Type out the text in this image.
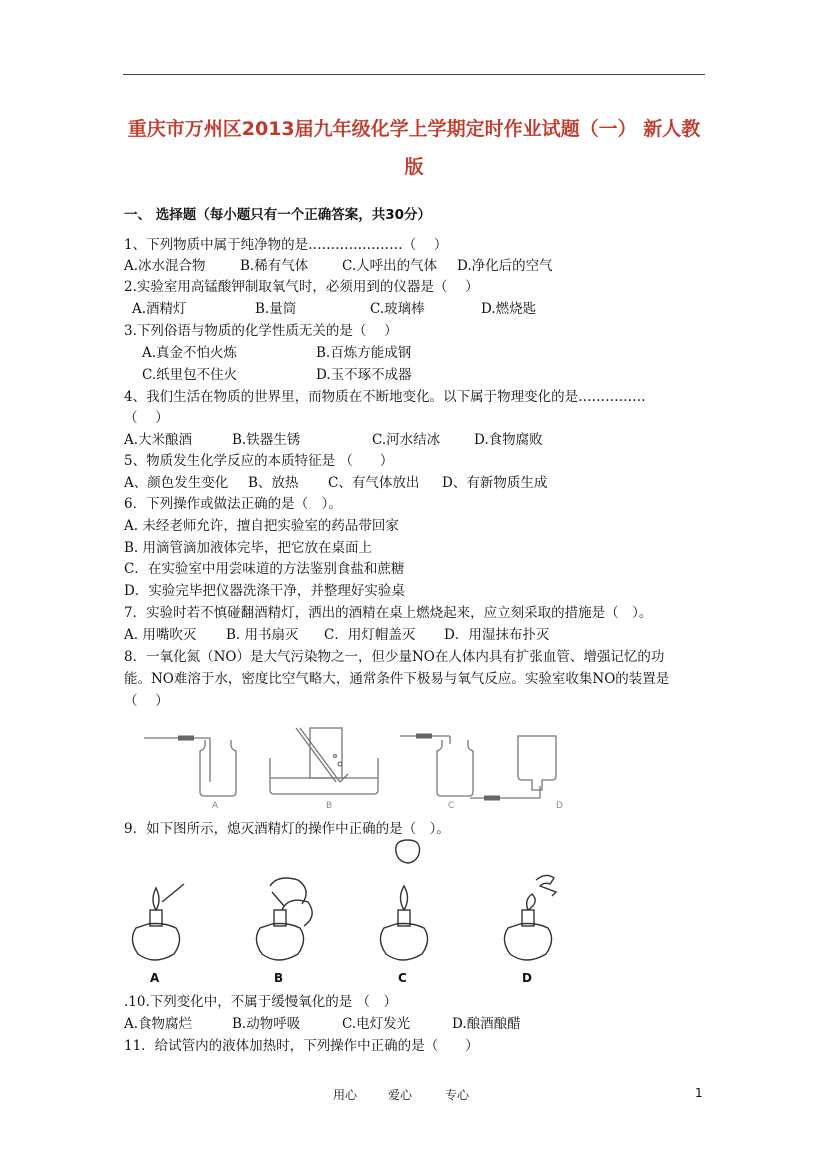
重庆市万州区2013届九年级化学上学期定时作业试题（一） 新人教
版
一、 选择题（每小题只有一个正确答案，共30分）
1、下列物质中属于纯净物的是…………………（　 ）
A.冰水混合物	B.稀有气体	C.人呼出的气体 D.净化后的空气
2.实验室用高锰酸钾制取氧气时，必须用到的仪器是（　 ）
A.酒精灯	B.量筒	C.玻璃棒	D.燃烧匙
3.下列俗语与物质的化学性质无关的是（　 ）
A.真金不怕火炼	B.百炼方能成钢
C.纸里包不住火	D.玉不琢不成器
4、我们生活在物质的世界里，而物质在不断地变化。以下属于物理变化的是……………
（　 ）
A.大米酿酒	B.铁器生锈	C.河水结冰	D.食物腐败
5、物质发生化学反应的本质特征是 （　　）
A、颜色发生变化 B、放热 C、有气体放出 D、有新物质生成
6．下列操作或做法正确的是（　）。
A. 未经老师允许，擅自把实验室的药品带回家
B. 用滴管滴加液体完毕，把它放在桌面上
C．在实验室中用尝味道的方法鉴别食盐和蔗糖
D．实验完毕把仪器洗涤干净，并整理好实验桌
7．实验时若不慎碰翻酒精灯，洒出的酒精在桌上燃烧起来，应立刻采取的措施是（　）。
A. 用嘴吹灭 B. 用书扇灭 C．用灯帽盖灭 D．用湿抹布扑灭
8．一氧化氮（NO）是大气污染物之一，但少量NO在人体内具有扩张血管、增强记忆的功
能。NO难溶于水，密度比空气略大，通常条件下极易与氧气反应。实验室收集NO的装置是
（　 ）
A	B	C	D
9．如下图所示，熄灭酒精灯的操作中正确的是（　）。
A	B	C	D
.10.下列变化中，不属于缓慢氧化的是 （　）
A.食物腐烂	B.动物呼吸	C.电灯发光	D.酿酒酿醋
11．给试管内的液体加热时，下列操作中正确的是（　　）
用心	爱心	专心	1
